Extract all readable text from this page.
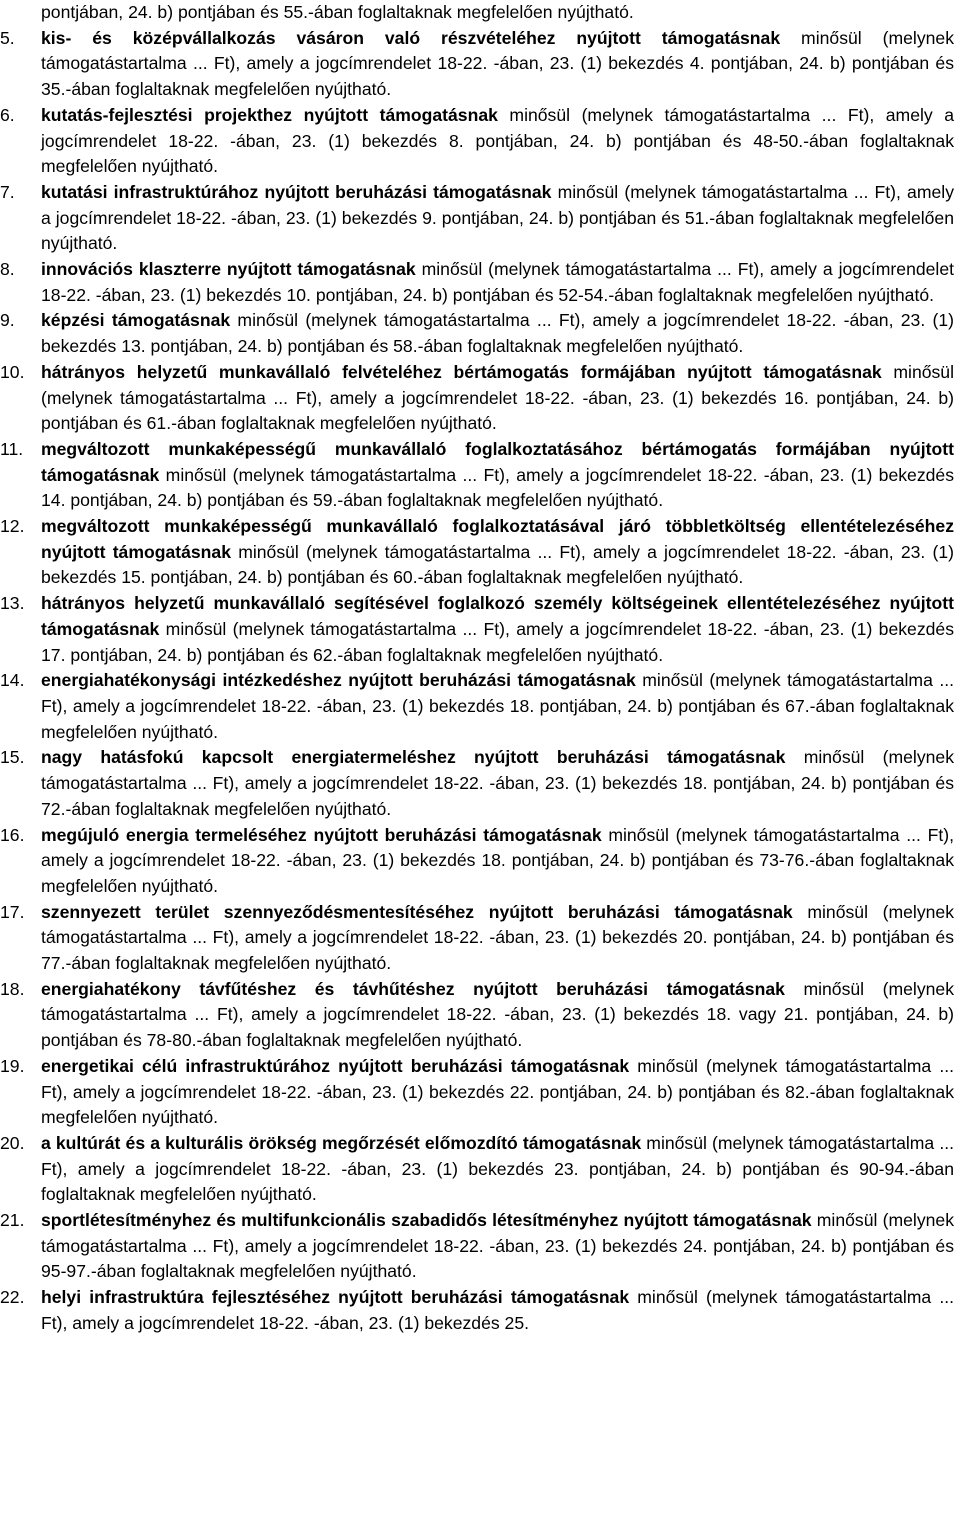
pontjában, 24. b) pontjában és 55.-ában foglaltaknak megfelelően nyújtható.
5.	kis- és középvállalkozás vásáron való részvételéhez nyújtott támogatásnak minősül (melynek támogatástartalma ... Ft), amely a jogcímrendelet 18-22. -ában, 23. (1) bekezdés 4. pontjában, 24. b) pontjában és 35.-ában foglaltaknak megfelelően nyújtható.
6.	kutatás-fejlesztési projekthez nyújtott támogatásnak minősül (melynek támogatástartalma ... Ft), amely a jogcímrendelet 18-22. -ában, 23. (1) bekezdés 8. pontjában, 24. b) pontjában és 48-50.-ában foglaltaknak megfelelően nyújtható.
7.	kutatási infrastruktúrához nyújtott beruházási támogatásnak minősül (melynek támogatástartalma ... Ft), amely a jogcímrendelet 18-22. -ában, 23. (1) bekezdés 9. pontjában, 24. b) pontjában és 51.-ában foglaltaknak megfelelően nyújtható.
8.	innovációs klaszterre nyújtott támogatásnak minősül (melynek támogatástartalma ... Ft), amely a jogcímrendelet 18-22. -ában, 23. (1) bekezdés 10. pontjában, 24. b) pontjában és 52-54.-ában foglaltaknak megfelelően nyújtható.
9.	képzési támogatásnak minősül (melynek támogatástartalma ... Ft), amely a jogcímrendelet 18-22. -ában, 23. (1) bekezdés 13. pontjában, 24. b) pontjában és 58.-ában foglaltaknak megfelelően nyújtható.
10. hátrányos helyzetű munkavállaló felvételéhez bértámogatás formájában nyújtott támogatásnak minősül (melynek támogatástartalma ... Ft), amely a jogcímrendelet 18-22. -ában, 23. (1) bekezdés 16. pontjában, 24. b) pontjában és 61.-ában foglaltaknak megfelelően nyújtható.
11.	megváltozott munkaképességű munkavállaló foglalkoztatásához bértámogatás formájában nyújtott támogatásnak minősül (melynek támogatástartalma ... Ft), amely a jogcímrendelet 18-22. -ában, 23. (1) bekezdés 14. pontjában, 24. b) pontjában és 59.-ában foglaltaknak megfelelően nyújtható.
12. megváltozott munkaképességű munkavállaló foglalkoztatásával járó többletköltség ellentételezéséhez nyújtott támogatásnak minősül (melynek támogatástartalma ... Ft), amely a jogcímrendelet 18-22. -ában, 23. (1) bekezdés 15. pontjában, 24. b) pontjában és 60.-ában foglaltaknak megfelelően nyújtható.
13. hátrányos helyzetű munkavállaló segítésével foglalkozó személy költségeinek ellentételezéséhez nyújtott támogatásnak minősül (melynek támogatástartalma ... Ft), amely a jogcímrendelet 18-22. -ában, 23. (1) bekezdés 17. pontjában, 24. b) pontjában és 62.-ában foglaltaknak megfelelően nyújtható.
14. energiahatékonysági intézkedéshez nyújtott beruházási támogatásnak minősül (melynek támogatástartalma ... Ft), amely a jogcímrendelet 18-22. -ában, 23. (1) bekezdés 18. pontjában, 24. b) pontjában és 67.-ában foglaltaknak megfelelően nyújtható.
15. nagy hatásfokú kapcsolt energiatermeléshez nyújtott beruházási támogatásnak minősül (melynek támogatástartalma ... Ft), amely a jogcímrendelet 18-22. -ában, 23. (1) bekezdés 18. pontjában, 24. b) pontjában és 72.-ában foglaltaknak megfelelően nyújtható.
16. megújuló energia termeléséhez nyújtott beruházási támogatásnak minősül (melynek támogatástartalma ... Ft), amely a jogcímrendelet 18-22. -ában, 23. (1) bekezdés 18. pontjában, 24. b) pontjában és 73-76.-ában foglaltaknak megfelelően nyújtható.
17. szennyezett terület szennyeződésmentesítéséhez nyújtott beruházási támogatásnak minősül (melynek támogatástartalma ... Ft), amely a jogcímrendelet 18-22. -ában, 23. (1) bekezdés 20. pontjában, 24. b) pontjában és 77.-ában foglaltaknak megfelelően nyújtható.
18. energiahatékony távfűtéshez és távhűtéshez nyújtott beruházási támogatásnak minősül (melynek támogatástartalma ... Ft), amely a jogcímrendelet 18-22. -ában, 23. (1) bekezdés 18. vagy 21. pontjában, 24. b) pontjában és 78-80.-ában foglaltaknak megfelelően nyújtható.
19. energetikai célú infrastruktúrához nyújtott beruházási támogatásnak minősül (melynek támogatástartalma ... Ft), amely a jogcímrendelet 18-22. -ában, 23. (1) bekezdés 22. pontjában, 24. b) pontjában és 82.-ában foglaltaknak megfelelően nyújtható.
20. a kultúrát és a kulturális örökség megőrzését előmozdító támogatásnak minősül (melynek támogatástartalma ... Ft), amely a jogcímrendelet 18-22. -ában, 23. (1) bekezdés 23. pontjában, 24. b) pontjában és 90-94.-ában foglaltaknak megfelelően nyújtható.
21. sportlétesítményhez és multifunkcionális szabadidős létesítményhez nyújtott támogatásnak minősül (melynek támogatástartalma ... Ft), amely a jogcímrendelet 18-22. -ában, 23. (1) bekezdés 24. pontjában, 24. b) pontjában és 95-97.-ában foglaltaknak megfelelően nyújtható.
22. helyi infrastruktúra fejlesztéséhez nyújtott beruházási támogatásnak minősül (melynek támogatástartalma ... Ft), amely a jogcímrendelet 18-22. -ában, 23. (1) bekezdés 25.
